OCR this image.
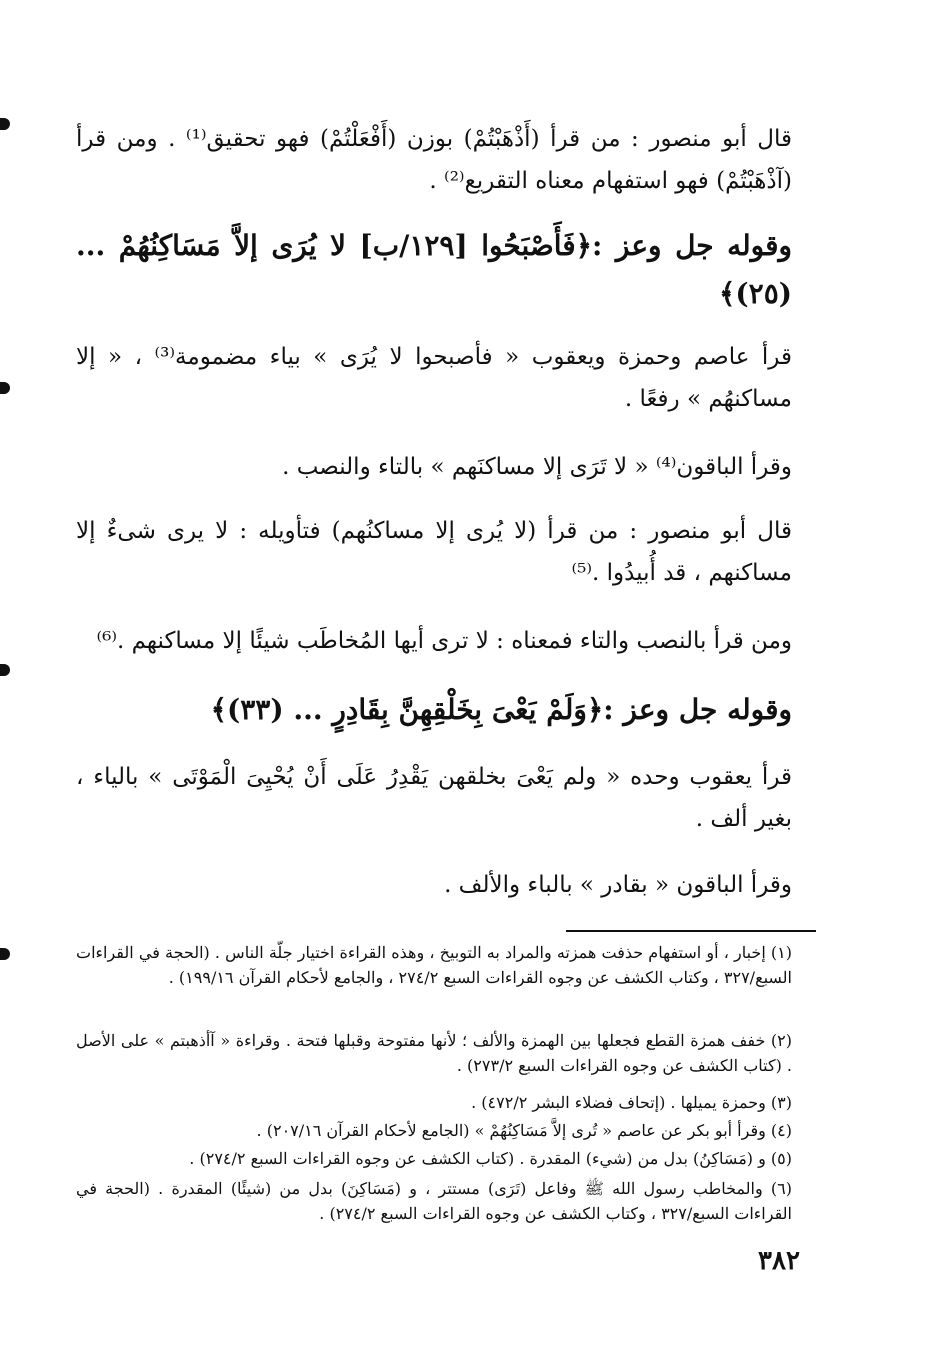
قال أبو منصور : من قرأ (أَذْهَبْتُمْ) بوزن (أَفْعَلْتُمْ) فهو تحقيق⁽¹⁾ . ومن قرأ (آذْهَبْتُمْ) فهو استفهام معناه التقريع⁽²⁾ .
وقوله جل وعز :﴿فَأَصْبَحُوا [١٢٩/ب] لا يُرَى إلاَّ مَسَاكِنُهُمْ ... (٢٥)﴾
قرأ عاصم وحمزة ويعقوب « فأصبحوا لا يُرَى » بياء مضمومة⁽³⁾ ، « إلا مساكنهُم » رفعًا .
وقرأ الباقون⁽⁴⁾ « لا تَرَى إلا مساكنَهم » بالتاء والنصب .
قال أبو منصور : من قرأ (لا يُرى إلا مساكنُهم) فتأويله : لا يرى شىءٌ إلا مساكنهم ، قد أُبيدُوا .⁽⁵⁾
ومن قرأ بالنصب والتاء فمعناه : لا ترى أيها المُخاطَب شيئًا إلا مساكنهم .⁽⁶⁾
وقوله جل وعز :﴿وَلَمْ يَعْىَ بِخَلْقِهِنَّ بِقَادِرٍ ... (٣٣)﴾
قرأ يعقوب وحده « ولم يَعْىَ بخلقهن يَقْدِرُ عَلَى أَنْ يُحْيِىَ الْمَوْتَى » بالياء ، بغير ألف .
وقرأ الباقون « بقادر » بالباء والألف .
(١) إخبار ، أو استفهام حذفت همزته والمراد به التوبيخ ، وهذه القراءة اختيار جلّة الناس . (الحجة في القراءات السبع/٣٢٧ ، وكتاب الكشف عن وجوه القراءات السبع ٢٧٤/٢ ، والجامع لأحكام القرآن ١٩٩/١٦) .
(٢) خفف همزة القطع فجعلها بين الهمزة والألف ؛ لأنها مفتوحة وقبلها فتحة . وقراءة « آأذهبتم » على الأصل . (كتاب الكشف عن وجوه القراءات السبع ٢٧٣/٢) .
(٣) وحمزة يميلها . (إتحاف فضلاء البشر ٤٧٢/٢) .
(٤) وقرأ أبو بكر عن عاصم « تُرى إلاَّ مَسَاكِنُهُمْ » (الجامع لأحكام القرآن ٢٠٧/١٦) .
(٥) و (مَسَاكِنُ) بدل من (شيء) المقدرة . (كتاب الكشف عن وجوه القراءات السبع ٢٧٤/٢) .
(٦) والمخاطب رسول الله ﷺ وفاعل (تَرَى) مستتر ، و (مَسَاكِنَ) بدل من (شيئًا) المقدرة . (الحجة في القراءات السبع/٣٢٧ ، وكتاب الكشف عن وجوه القراءات السبع ٢٧٤/٢) .
٣٨٢
